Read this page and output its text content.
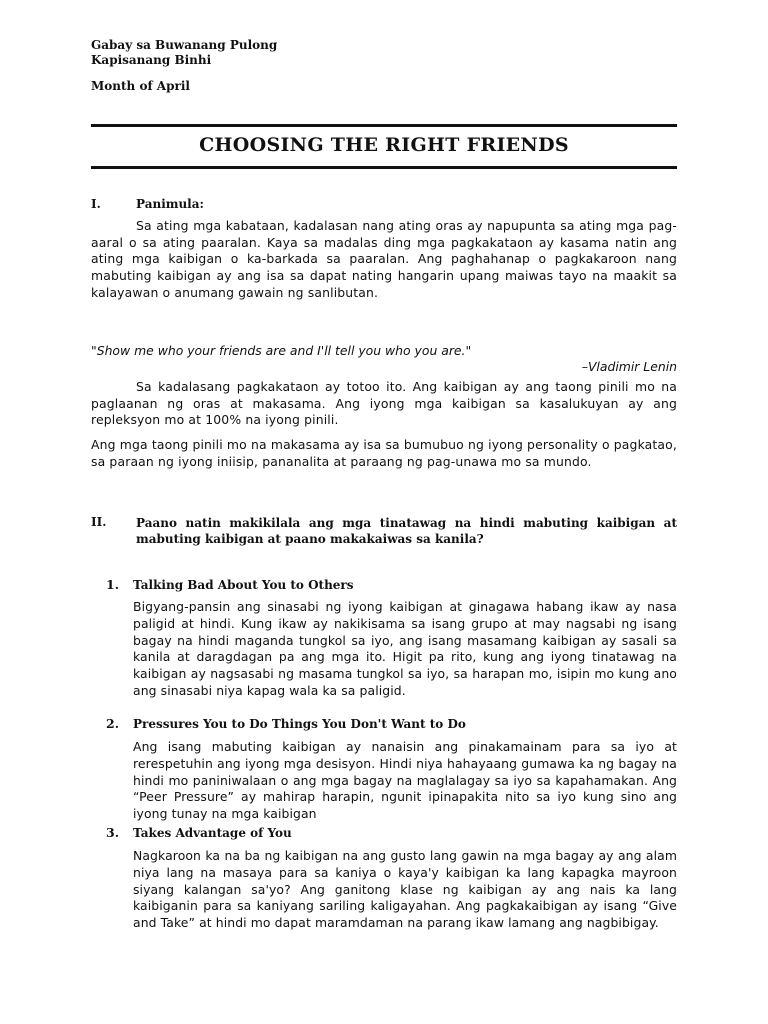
Gabay sa Buwanang Pulong
Kapisanang Binhi
Month of April
CHOOSING THE RIGHT FRIENDS
I.	Panimula:
Sa ating mga kabataan, kadalasan nang ating oras ay napupunta sa ating mga pag-aaral o sa ating paaralan. Kaya sa madalas ding mga pagkakataon ay kasama natin ang ating mga kaibigan o ka-barkada sa paaralan. Ang paghahanap o pagkakaroon nang mabuting kaibigan ay ang isa sa dapat nating hangarin upang maiwas tayo na maakit sa kalayawan o anumang gawain ng sanlibutan.
"Show me who your friends are and I'll tell you who you are."
–Vladimir Lenin
Sa kadalasang pagkakataon ay totoo ito. Ang kaibigan ay ang taong pinili mo na paglaanan ng oras at makasama. Ang iyong mga kaibigan sa kasalukuyan ay ang repleksyon mo at 100% na iyong pinili.
Ang mga taong pinili mo na makasama ay isa sa bumubuo ng iyong personality o pagkatao, sa paraan ng iyong iniisip, pananalita at paraang ng pag-unawa mo sa mundo.
II. Paano natin makikilala ang mga tinatawag na hindi mabuting kaibigan at mabuting kaibigan at paano makakaiwas sa kanila?
1. Talking Bad About You to Others
Bigyang-pansin ang sinasabi ng iyong kaibigan at ginagawa habang ikaw ay nasa paligid at hindi. Kung ikaw ay nakikisama sa isang grupo at may nagsabi ng isang bagay na hindi maganda tungkol sa iyo, ang isang masamang kaibigan ay sasali sa kanila at daragdagan pa ang mga ito. Higit pa rito, kung ang iyong tinatawag na kaibigan ay nagsasabi ng masama tungkol sa iyo, sa harapan mo, isipin mo kung ano ang sinasabi niya kapag wala ka sa paligid.
2. Pressures You to Do Things You Don't Want to Do
Ang isang mabuting kaibigan ay nanaisin ang pinakamainam para sa iyo at rerespetuhin ang iyong mga desisyon. Hindi niya hahayaang gumawa ka ng bagay na hindi mo paniniwalaan o ang mga bagay na maglalagay sa iyo sa kapahamakan. Ang “Peer Pressure” ay mahirap harapin, ngunit ipinapakita nito sa iyo kung sino ang iyong tunay na mga kaibigan
3. Takes Advantage of You
Nagkaroon ka na ba ng kaibigan na ang gusto lang gawin na mga bagay ay ang alam niya lang na masaya para sa kaniya o kaya'y kaibigan ka lang kapagka mayroon siyang kalangan sa'yo? Ang ganitong klase ng kaibigan ay ang nais ka lang kaibiganin para sa kaniyang sariling kaligayahan. Ang pagkakaibigan ay isang “Give and Take” at hindi mo dapat maramdaman na parang ikaw lamang ang nagbibigay.
